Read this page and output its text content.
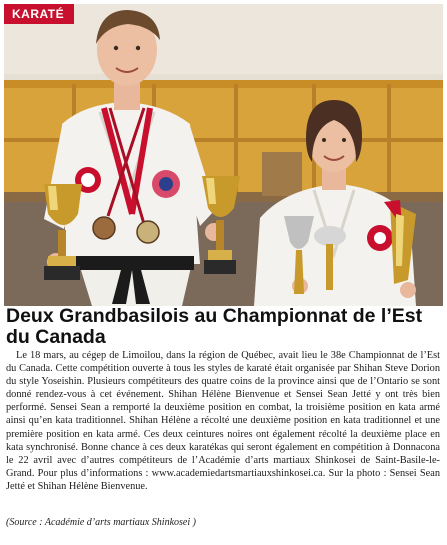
KARATÉ
Deux Grandbasilois au Championnat de l’Est du Canada

Le 18 mars, au cégep de Limoilou, dans la région de Québec, avait lieu le 38e Championnat de l’Est du Canada. Cette compétition ouverte à tous les styles de karaté était organisée par Shihan Steve Dorion du style Yoseishin. Plusieurs compétiteurs des quatre coins de la province ainsi que de l’Ontario se sont donné rendez-vous à cet événement. Shihan Hélène Bienvenue et Sensei Sean Jetté y ont très bien performé. Sensei Sean a remporté la deuxième position en combat, la troisième position en kata armé ainsi qu’en kata traditionnel. Shihan Hélène a récolté une deuxième position en kata traditionnel et une première position en kata armé. Ces deux ceintures noires ont également récolté la deuxième place en kata synchronisé. Bonne chance à ces deux karatékas qui seront également en compétition à Donnacona le 22 avril avec d’autres compétiteurs de l’Académie d’arts martiaux Shinkosei de Saint-Basile-le-Grand. Pour plus d’informations : www.academiedartsmartiauxshinkosei.ca. Sur la photo : Sensei Sean Jetté et Shihan Hélène Bienvenue.

(Source : Académie d’arts martiaux Shinkosei )
